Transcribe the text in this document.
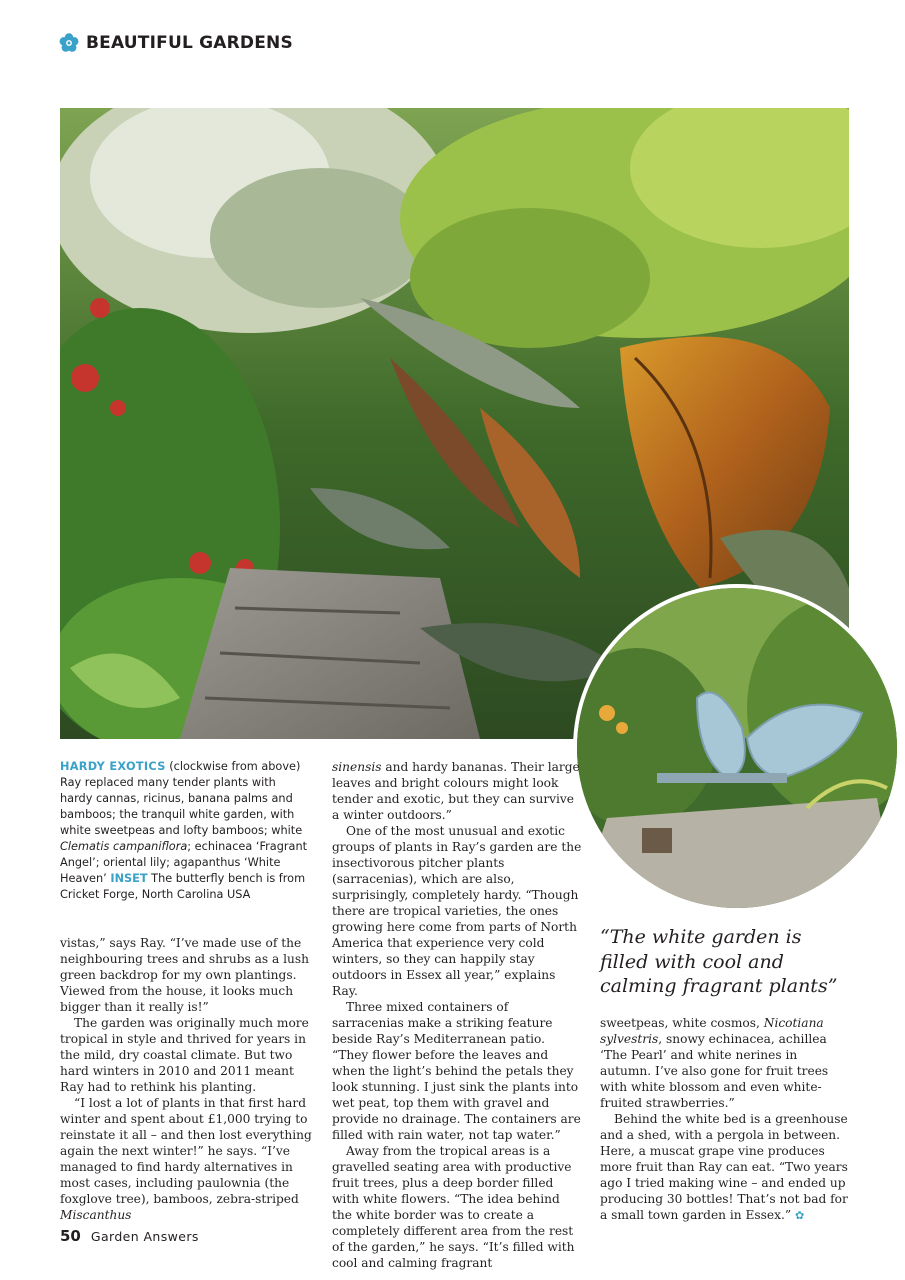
BEAUTIFUL GARDENS
HARDY EXOTICS (clockwise from above) Ray replaced many tender plants with hardy cannas, ricinus, banana palms and bamboos; the tranquil white garden, with white sweetpeas and lofty bamboos; white Clematis campaniflora; echinacea ‘Fragrant Angel’; oriental lily; agapanthus ‘White Heaven’ INSET The butterfly bench is from Cricket Forge, North Carolina USA

vistas,” says Ray. “I’ve made use of the neighbouring trees and shrubs as a lush green backdrop for my own plantings. Viewed from the house, it looks much bigger than it really is!”

The garden was originally much more tropical in style and thrived for years in the mild, dry coastal climate. But two hard winters in 2010 and 2011 meant Ray had to rethink his planting.

“I lost a lot of plants in that first hard winter and spent about £1,000 trying to reinstate it all – and then lost everything again the next winter!” he says. “I’ve managed to find hardy alternatives in most cases, including paulownia (the foxglove tree), bamboos, zebra-striped Miscanthus

sinensis and hardy bananas. Their large leaves and bright colours might look tender and exotic, but they can survive a winter outdoors.”

One of the most unusual and exotic groups of plants in Ray’s garden are the insectivorous pitcher plants (sarracenias), which are also, surprisingly, completely hardy. “Though there are tropical varieties, the ones growing here come from parts of North America that experience very cold winters, so they can happily stay outdoors in Essex all year,” explains Ray.

Three mixed containers of sarracenias make a striking feature beside Ray’s Mediterranean patio. “They flower before the leaves and when the light’s behind the petals they look stunning. I just sink the plants into wet peat, top them with gravel and provide no drainage. The containers are filled with rain water, not tap water.”

Away from the tropical areas is a gravelled seating area with productive fruit trees, plus a deep border filled with white flowers. “The idea behind the white border was to create a completely different area from the rest of the garden,” he says. “It’s filled with cool and calming fragrant

“The white garden is filled with cool and calming fragrant plants”

sweetpeas, white cosmos, Nicotiana sylvestris, snowy echinacea, achillea ‘The Pearl’ and white nerines in autumn. I’ve also gone for fruit trees with white blossom and even white-fruited strawberries.”

Behind the white bed is a greenhouse and a shed, with a pergola in between. Here, a muscat grape vine produces more fruit than Ray can eat. “Two years ago I tried making wine – and ended up producing 30 bottles! That’s not bad for a small town garden in Essex.” ✿

50 Garden Answers
